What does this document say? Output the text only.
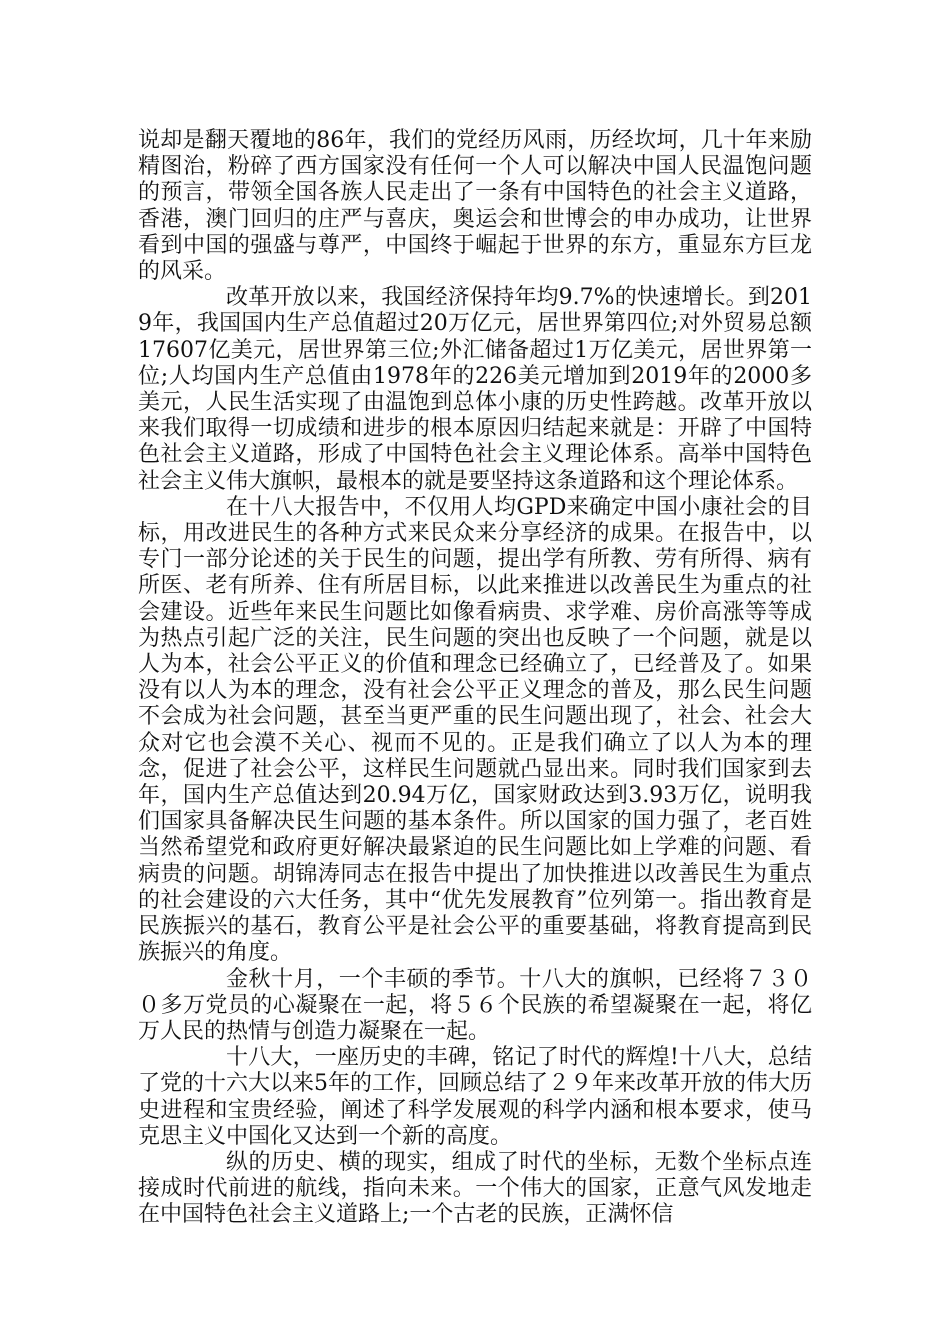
说却是翻天覆地的86年，我们的党经历风雨，历经坎坷，几十年来励精图治，粉碎了西方国家没有任何一个人可以解决中国人民温饱问题的预言，带领全国各族人民走出了一条有中国特色的社会主义道路，香港，澳门回归的庄严与喜庆，奥运会和世博会的申办成功，让世界看到中国的强盛与尊严，中国终于崛起于世界的东方，重显东方巨龙的风采。

改革开放以来，我国经济保持年均9.7%的快速增长。到2019年，我国国内生产总值超过20万亿元，居世界第四位;对外贸易总额17607亿美元，居世界第三位;外汇储备超过1万亿美元，居世界第一位;人均国内生产总值由1978年的226美元增加到2019年的2000多美元，人民生活实现了由温饱到总体小康的历史性跨越。改革开放以来我们取得一切成绩和进步的根本原因归结起来就是：开辟了中国特色社会主义道路，形成了中国特色社会主义理论体系。高举中国特色社会主义伟大旗帜，最根本的就是要坚持这条道路和这个理论体系。

在十八大报告中，不仅用人均GPD来确定中国小康社会的目标，用改进民生的各种方式来民众来分享经济的成果。在报告中，以专门一部分论述的关于民生的问题，提出学有所教、劳有所得、病有所医、老有所养、住有所居目标，以此来推进以改善民生为重点的社会建设。近些年来民生问题比如像看病贵、求学难、房价高涨等等成为热点引起广泛的关注，民生问题的突出也反映了一个问题，就是以人为本，社会公平正义的价值和理念已经确立了，已经普及了。如果没有以人为本的理念，没有社会公平正义理念的普及，那么民生问题不会成为社会问题，甚至当更严重的民生问题出现了，社会、社会大众对它也会漠不关心、视而不见的。正是我们确立了以人为本的理念，促进了社会公平，这样民生问题就凸显出来。同时我们国家到去年，国内生产总值达到20.94万亿，国家财政达到3.93万亿，说明我们国家具备解决民生问题的基本条件。所以国家的国力强了，老百姓当然希望党和政府更好解决最紧迫的民生问题比如上学难的问题、看病贵的问题。胡锦涛同志在报告中提出了加快推进以改善民生为重点的社会建设的六大任务，其中“优先发展教育”位列第一。指出教育是民族振兴的基石，教育公平是社会公平的重要基础，将教育提高到民族振兴的角度。

金秋十月，一个丰硕的季节。十八大的旗帜，已经将７３００多万党员的心凝聚在一起，将５６个民族的希望凝聚在一起，将亿万人民的热情与创造力凝聚在一起。

十八大，一座历史的丰碑，铭记了时代的辉煌!十八大，总结了党的十六大以来5年的工作，回顾总结了２９年来改革开放的伟大历史进程和宝贵经验，阐述了科学发展观的科学内涵和根本要求，使马克思主义中国化又达到一个新的高度。

纵的历史、横的现实，组成了时代的坐标，无数个坐标点连接成时代前进的航线，指向未来。一个伟大的国家，正意气风发地走在中国特色社会主义道路上;一个古老的民族，正满怀信
